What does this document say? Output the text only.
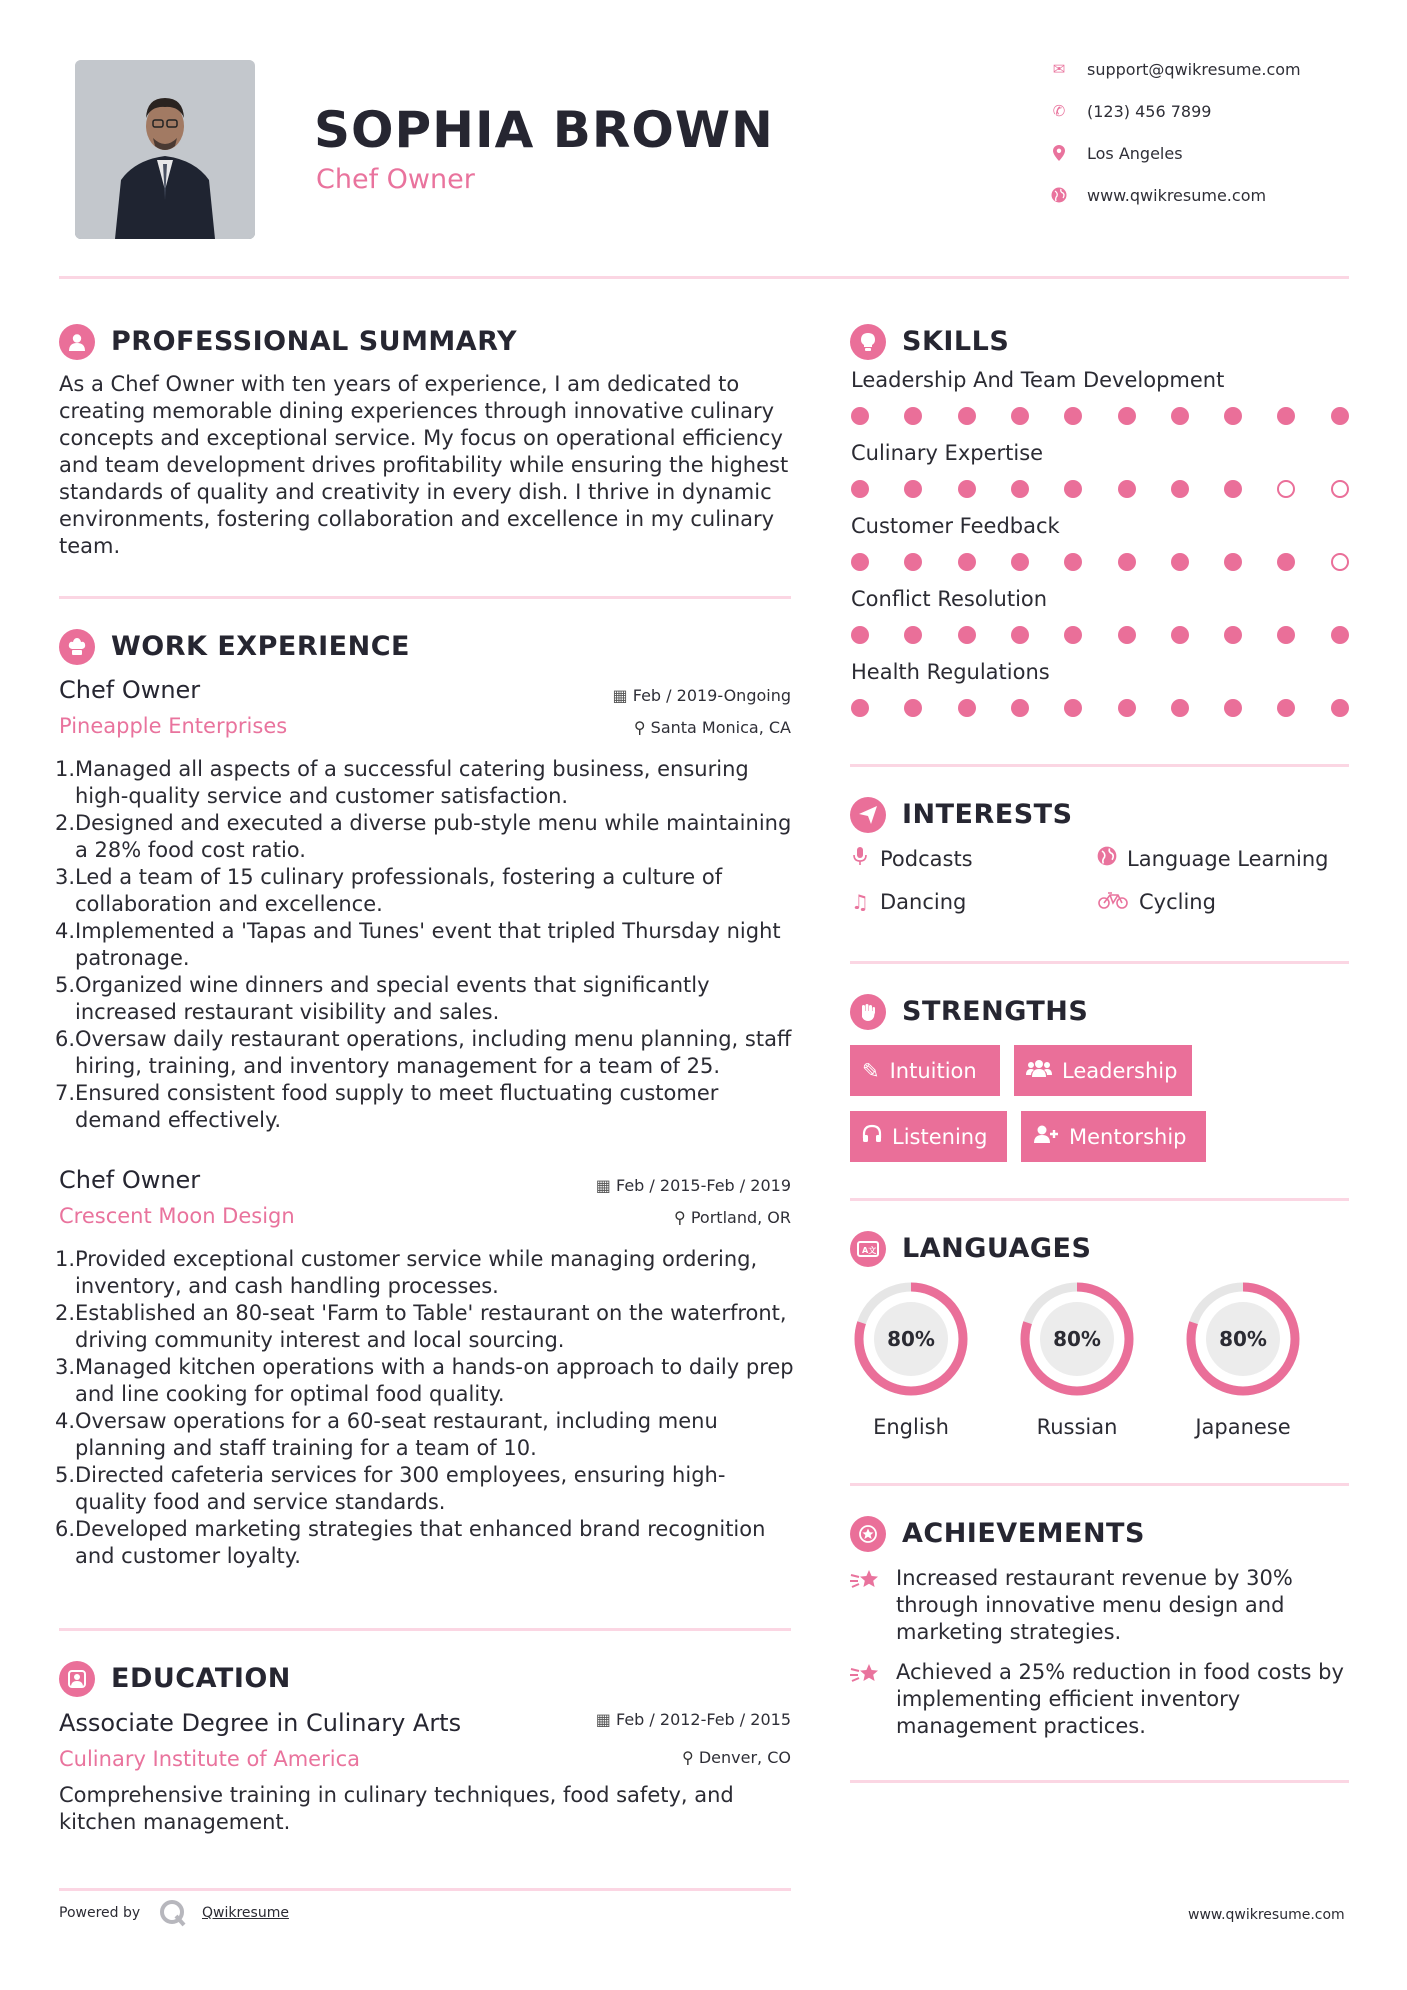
SOPHIA BROWN
Chef Owner
✉ support@qwikresume.com
✆ (123) 456 7899
Los Angeles
www.qwikresume.com
PROFESSIONAL SUMMARY
As a Chef Owner with ten years of experience, I am dedicated to creating memorable dining experiences through innovative culinary concepts and exceptional service. My focus on operational efficiency and team development drives profitability while ensuring the highest standards of quality and creativity in every dish. I thrive in dynamic environments, fostering collaboration and excellence in my culinary team.
WORK EXPERIENCE
Chef Owner
Pineapple Enterprises
▦ Feb / 2019-Ongoing
⚲ Santa Monica, CA
1. Managed all aspects of a successful catering business, ensuring high-quality service and customer satisfaction.
2. Designed and executed a diverse pub-style menu while maintaining a 28% food cost ratio.
3. Led a team of 15 culinary professionals, fostering a culture of collaboration and excellence.
4. Implemented a 'Tapas and Tunes' event that tripled Thursday night patronage.
5. Organized wine dinners and special events that significantly increased restaurant visibility and sales.
6. Oversaw daily restaurant operations, including menu planning, staff hiring, training, and inventory management for a team of 25.
7. Ensured consistent food supply to meet fluctuating customer demand effectively.
Chef Owner
Crescent Moon Design
▦ Feb / 2015-Feb / 2019
⚲ Portland, OR
1. Provided exceptional customer service while managing ordering, inventory, and cash handling processes.
2. Established an 80-seat 'Farm to Table' restaurant on the waterfront, driving community interest and local sourcing.
3. Managed kitchen operations with a hands-on approach to daily prep and line cooking for optimal food quality.
4. Oversaw operations for a 60-seat restaurant, including menu planning and staff training for a team of 10.
5. Directed cafeteria services for 300 employees, ensuring high-quality food and service standards.
6. Developed marketing strategies that enhanced brand recognition and customer loyalty.
EDUCATION
Associate Degree in Culinary Arts
Culinary Institute of America
▦ Feb / 2012-Feb / 2015
⚲ Denver, CO
Comprehensive training in culinary techniques, food safety, and kitchen management.
SKILLS
Leadership And Team Development
Culinary Expertise
Customer Feedback
Conflict Resolution
Health Regulations
INTERESTS
Podcasts	Language Learning
♫ Dancing	Cycling
STRENGTHS
✎ Intuition	Leadership
Listening	Mentorship
A文 LANGUAGES
80%
English
80%
Russian
80%
Japanese
ACHIEVEMENTS
Increased restaurant revenue by 30% through innovative menu design and marketing strategies.
Achieved a 25% reduction in food costs by implementing efficient inventory management practices.
Powered by	Qwikresume	www.qwikresume.com
